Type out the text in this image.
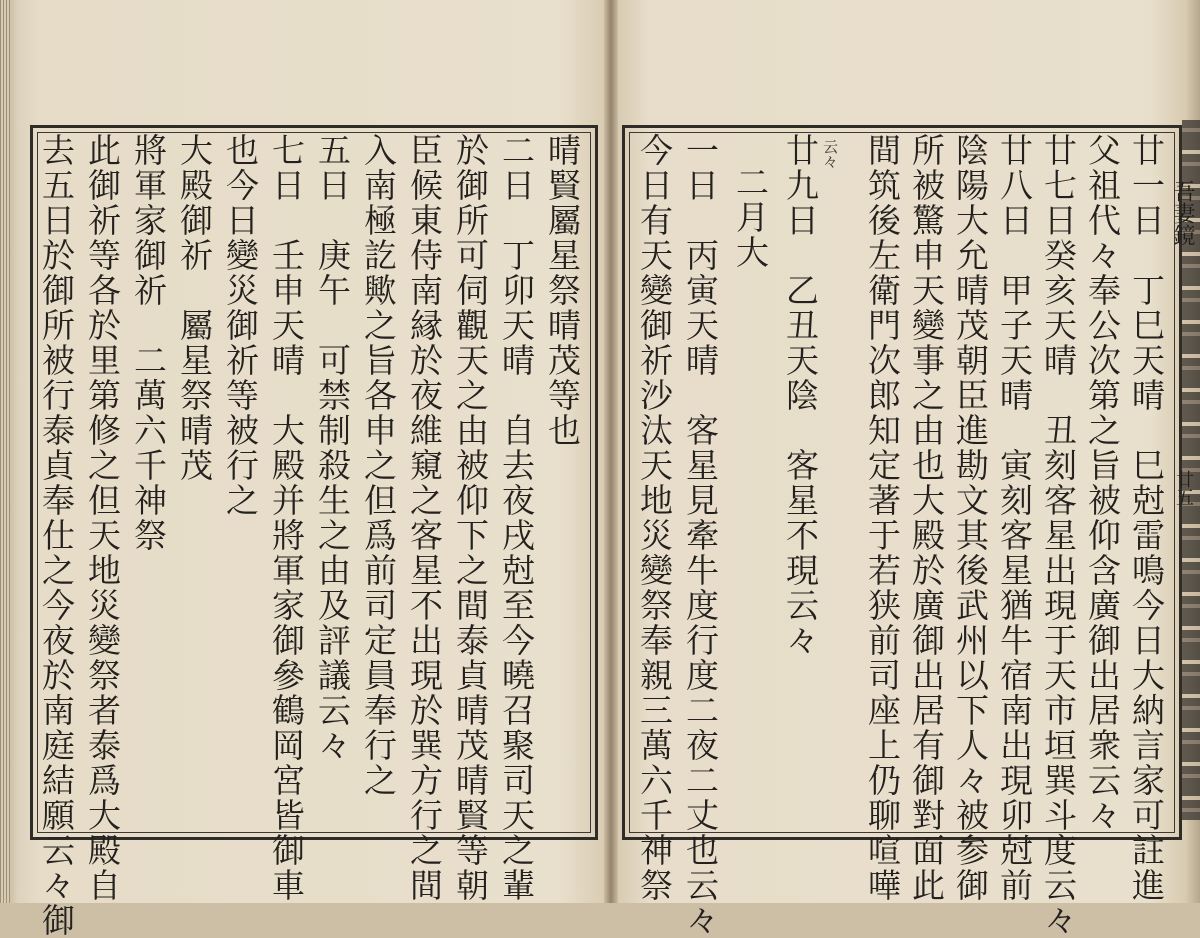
晴賢屬星祭晴茂等也
二日　丁卯天晴　自去夜戌尅至今曉召聚司天之輩
於御所可伺觀天之由被仰下之間泰貞晴茂晴賢等朝
臣候東侍南縁於夜維窺之客星不出現於巽方行之間
入南極訖歟之旨各申之但爲前司定員奉行之
五日　庚午　可禁制殺生之由及評議云々
七日　壬申天晴　大殿并將軍家御參鶴岡宮皆御車
也今日變災御祈等被行之
大殿御祈　屬星祭晴茂
將軍家御祈　二萬六千神祭
此御祈等各於里第修之但天地災變祭者泰爲大殿自
去五日於御所被行泰貞奉仕之今夜於南庭結願云々御	廿一日　丁巳天晴　巳尅雷鳴今日大納言家可註進
父祖代々奉公次第之旨被仰含廣御出居衆云々
廿七日癸亥天晴　丑刻客星出現于天市垣巽斗度云々
廿八日　甲子天晴　寅刻客星猶牛宿南出現卯尅前
陰陽大允晴茂朝臣進勘文其後武州以下人々被参御
所被驚申天變事之由也大殿於廣御出居有御對面此
間筑後左衛門次郎知定著于若狭前司座上仍聊喧嘩
云々
廿九日　乙丑天陰　客星不現云々
二月大
一日　丙寅天晴　客星見牽牛度行度二夜二丈也云々
今日有天變御祈沙汰天地災變祭奉親三萬六千神祭	吾妻鏡
廿五
